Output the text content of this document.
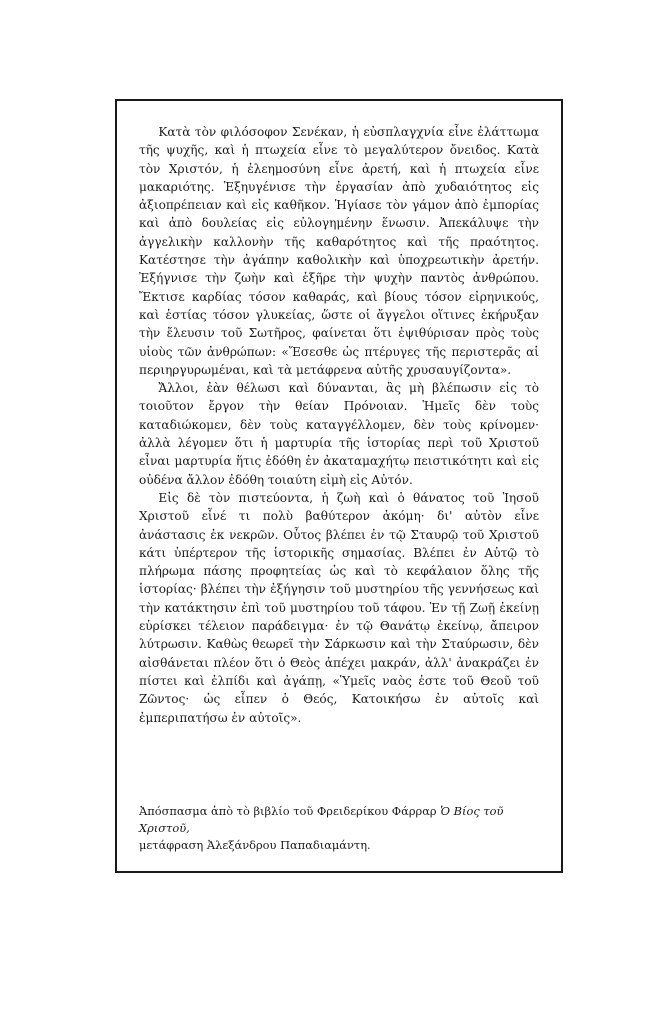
Κατὰ τὸν φιλόσοφον Σενέκαν, ἡ εὐσπλαγχνία εἶνε ἐλάττωμα τῆς ψυχῆς, καὶ ἡ πτωχεία εἶνε τὸ μεγαλύτερον ὄνειδος. Κατὰ τὸν Χριστόν, ἡ ἐλεημοσύνη εἶνε ἀρετή, καὶ ἡ πτωχεία εἶνε μακαριότης. Ἐξηυγένισε τὴν ἐργασίαν ἀπὸ χυδαιότητος εἰς ἀξιοπρέπειαν καὶ εἰς καθῆκον. Ἡγίασε τὸν γάμον ἀπὸ ἐμπορίας καὶ ἀπὸ δουλείας εἰς εὐλογημένην ἕνωσιν. Ἀπεκάλυψε τὴν ἀγγελικὴν καλλονὴν τῆς καθαρότητος καὶ τῆς πραότητος. Κατέστησε τὴν ἀγάπην καθολικὴν καὶ ὑποχρεωτικὴν ἀρετήν. Ἐξήγνισε τὴν ζωὴν καὶ ἐξῆρε τὴν ψυχὴν παντὸς ἀνθρώπου. Ἔκτισε καρδίας τόσον καθαράς, καὶ βίους τόσον εἰρηνικούς, καὶ ἑστίας τόσον γλυκείας, ὥστε οἱ ἄγγελοι οἵτινες ἐκήρυξαν τὴν ἔλευσιν τοῦ Σωτῆρος, φαίνεται ὅτι ἐψιθύρισαν πρὸς τοὺς υἱοὺς τῶν ἀνθρώπων: «Ἔσεσθε ὡς πτέρυγες τῆς περιστερᾶς αἱ περιηργυρωμέναι, καὶ τὰ μετάφρενα αὐτῆς χρυσαυγίζοντα».

Ἄλλοι, ἐὰν θέλωσι καὶ δύνανται, ἂς μὴ βλέπωσιν εἰς τὸ τοιοῦτον ἔργον τὴν θείαν Πρόνοιαν. Ἡμεῖς δὲν τοὺς καταδιώκομεν, δὲν τοὺς καταγγέλλομεν, δὲν τοὺς κρίνομεν· ἀλλὰ λέγομεν ὅτι ἡ μαρτυρία τῆς ἱστορίας περὶ τοῦ Χριστοῦ εἶναι μαρτυρία ἥτις ἐδόθη ἐν ἀκαταμαχήτῳ πειστικότητι καὶ εἰς οὐδένα ἄλλον ἐδόθη τοιαύτη εἰμὴ εἰς Αὐτόν.

Εἰς δὲ τὸν πιστεύοντα, ἡ ζωὴ καὶ ὁ θάνατος τοῦ Ἰησοῦ Χριστοῦ εἶνέ τι πολὺ βαθύτερον ἀκόμη· δι' αὐτὸν εἶνε ἀνάστασις ἐκ νεκρῶν. Οὗτος βλέπει ἐν τῷ Σταυρῷ τοῦ Χριστοῦ κάτι ὑπέρτερον τῆς ἱστορικῆς σημασίας. Βλέπει ἐν Αὐτῷ τὸ πλήρωμα πάσης προφητείας ὡς καὶ τὸ κεφάλαιον ὅλης τῆς ἱστορίας· βλέπει τὴν ἐξήγησιν τοῦ μυστηρίου τῆς γεννήσεως καὶ τὴν κατάκτησιν ἐπὶ τοῦ μυστηρίου τοῦ τάφου. Ἐν τῇ Ζωῇ ἐκείνῃ εὑρίσκει τέλειον παράδειγμα· ἐν τῷ Θανάτῳ ἐκείνῳ, ἄπειρον λύτρωσιν. Καθὼς θεωρεῖ τὴν Σάρκωσιν καὶ τὴν Σταύρωσιν, δὲν αἰσθάνεται πλέον ὅτι ὁ Θεὸς ἀπέχει μακράν, ἀλλ' ἀνακράζει ἐν πίστει καὶ ἐλπίδι καὶ ἀγάπῃ, «Ὑμεῖς ναὸς ἐστε τοῦ Θεοῦ τοῦ Ζῶντος· ὡς εἶπεν ὁ Θεός, Κατοικήσω ἐν αὐτοῖς καὶ ἐμπεριπατήσω ἐν αὐτοῖς».

Ἀπόσπασμα ἀπὸ τὸ βιβλίο τοῦ Φρειδερίκου Φάρραρ Ὁ Βίος τοῦ Χριστοῦ,

μετάφραση Ἀλεξάνδρου Παπαδιαμάντη.
